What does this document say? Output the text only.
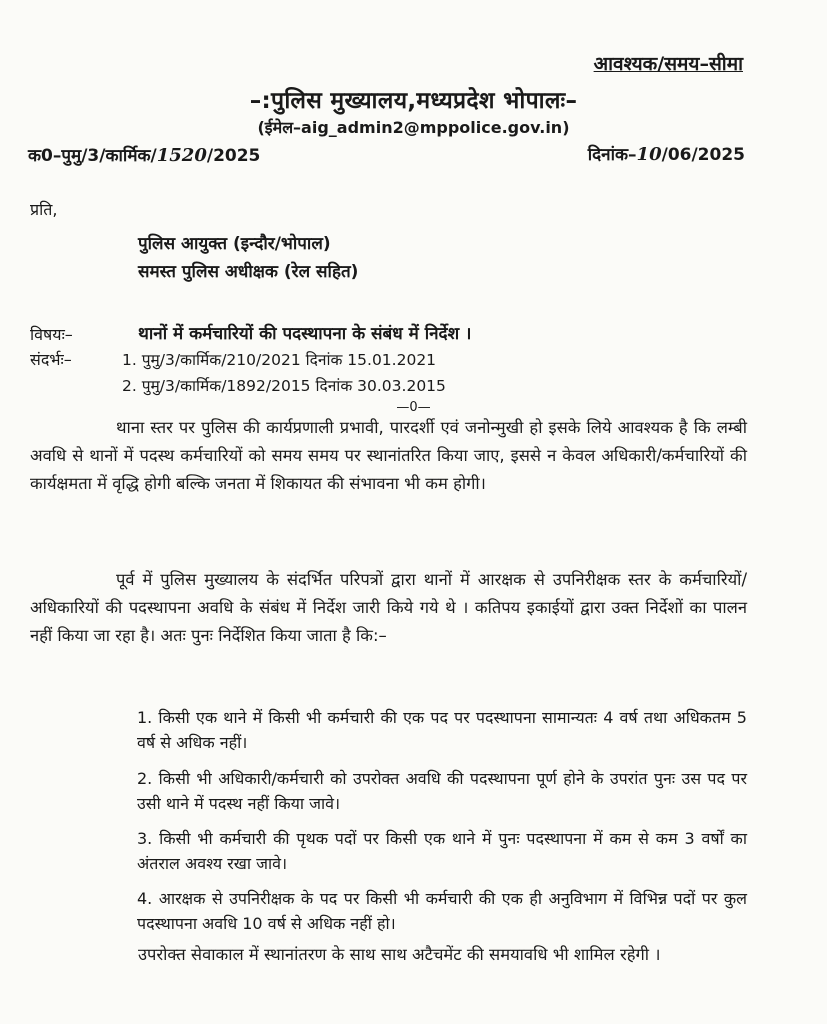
आवश्यक/समय–सीमा
–:पुलिस मुख्यालय,मध्यप्रदेश भोपालः–
(ईमेल–aig_admin2@mppolice.gov.in)
क0–पुमु/3/कार्मिक/1520/2025	दिनांक–10/06/2025
प्रति,
पुलिस आयुक्त (इन्दौर/भोपाल)
समस्त पुलिस अधीक्षक (रेल सहित)
विषयः–	थानों में कर्मचारियों की पदस्थापना के संबंध में निर्देश ।
संदर्भः–	1. पुमु/3/कार्मिक/210/2021 दिनांक 15.01.2021
2. पुमु/3/कार्मिक/1892/2015 दिनांक 30.03.2015
—0—
थाना स्तर पर पुलिस की कार्यप्रणाली प्रभावी, पारदर्शी एवं जनोन्मुखी हो इसके लिये आवश्यक है कि लम्बी अवधि से थानों में पदस्थ कर्मचारियों को समय समय पर स्थानांतरित किया जाए, इससे न केवल अधिकारी/कर्मचारियों की कार्यक्षमता में वृद्धि होगी बल्कि जनता में शिकायत की संभावना भी कम होगी।
पूर्व में पुलिस मुख्यालय के संदर्भित परिपत्रों द्वारा थानों में आरक्षक से उपनिरीक्षक स्तर के कर्मचारियों/अधिकारियों की पदस्थापना अवधि के संबंध में निर्देश जारी किये गये थे । कतिपय इकाईयों द्वारा उक्त निर्देशों का पालन नहीं किया जा रहा है। अतः पुनः निर्देशित किया जाता है कि:–
1. किसी एक थाने में किसी भी कर्मचारी की एक पद पर पदस्थापना सामान्यतः 4 वर्ष तथा अधिकतम 5 वर्ष से अधिक नहीं।
2. किसी भी अधिकारी/कर्मचारी को उपरोक्त अवधि की पदस्थापना पूर्ण होने के उपरांत पुनः उस पद पर उसी थाने में पदस्थ नहीं किया जावे।
3. किसी भी कर्मचारी की पृथक पदों पर किसी एक थाने में पुनः पदस्थापना में कम से कम 3 वर्षों का अंतराल अवश्य रखा जावे।
4. आरक्षक से उपनिरीक्षक के पद पर किसी भी कर्मचारी की एक ही अनुविभाग में विभिन्न पदों पर कुल पदस्थापना अवधि 10 वर्ष से अधिक नहीं हो।
उपरोक्त सेवाकाल में स्थानांतरण के साथ साथ अटैचमेंट की समयावधि भी शामिल रहेगी ।
